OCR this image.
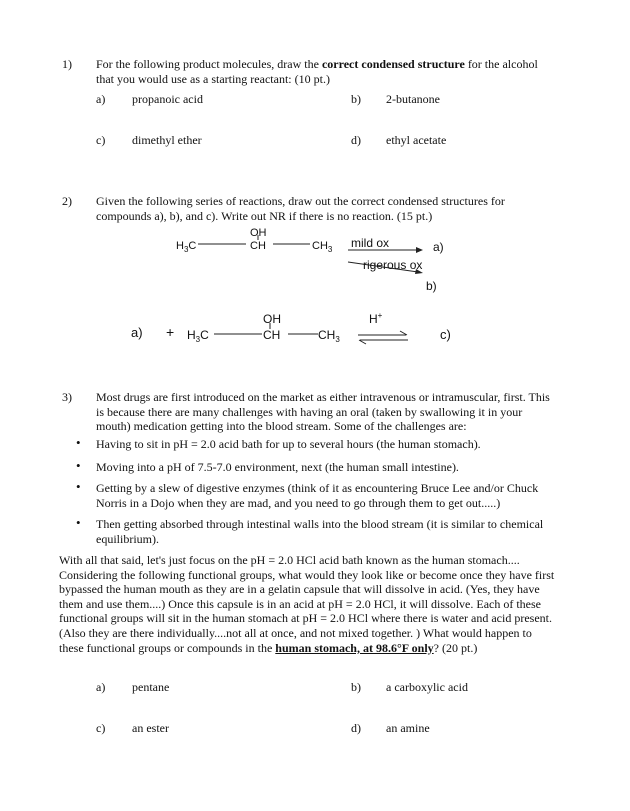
1) For the following product molecules, draw the correct condensed structure for the alcohol
that you would use as a starting reactant: (10 pt.)
a) propanoic acid	b) 2-butanone
c) dimethyl ether	d) ethyl acetate
2) Given the following series of reactions, draw out the correct condensed structures for
compounds a), b), and c). Write out NR if there is no reaction. (15 pt.)
$H_3C$
OH
CH	$CH_3$ mild ox	a)
rigerous ox
b)
$a) + H_3C$
OH
CH	$CH_3$
H+
c)
3) Most drugs are first introduced on the market as either intravenous or intramuscular, first. This
is because there are many challenges with having an oral (taken by swallowing it in your
mouth) medication getting into the blood stream. Some of the challenges are:
• Having to sit in pH = 2.0 acid bath for up to several hours (the human stomach).
• Moving into a pH of 7.5-7.0 environment, next (the human small intestine).
• Getting by a slew of digestive enzymes (think of it as encountering Bruce Lee and/or Chuck
Norris in a Dojo when they are mad, and you need to go through them to get out.....)
• Then getting absorbed through intestinal walls into the blood stream (it is similar to chemical
equilibrium).
With all that said, let's just focus on the pH = 2.0 HCl acid bath known as the human stomach....
Considering the following functional groups, what would they look like or become once they have first
bypassed the human mouth as they are in a gelatin capsule that will dissolve in acid. (Yes, they have
them and use them....) Once this capsule is in an acid at pH = 2.0 HCl, it will dissolve. Each of these
functional groups will sit in the human stomach at pH = 2.0 HCl where there is water and acid present.
(Also they are there individually....not all at once, and not mixed together. ) What would happen to
these functional groups or compounds in the human stomach, at 98.6°F only? (20 pt.)
a) pentane	b) a carboxylic acid
c) an ester	d) an amine
